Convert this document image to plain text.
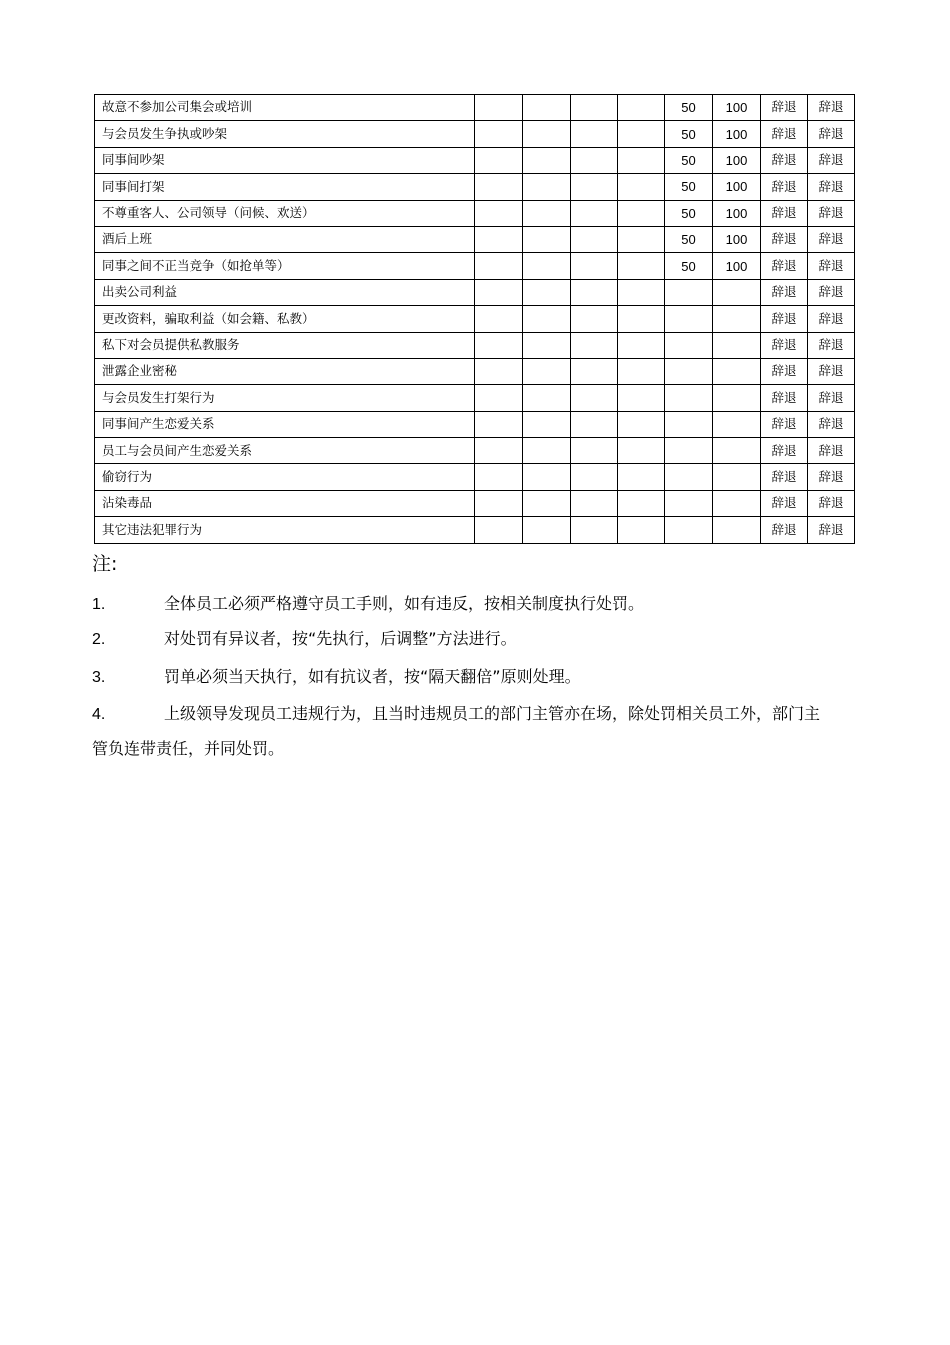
故意不参加公司集会或培训					50	100	辞退	辞退
与会员发生争执或吵架					50	100	辞退	辞退
同事间吵架					50	100	辞退	辞退
同事间打架					50	100	辞退	辞退
不尊重客人、公司领导（问候、欢送）					50	100	辞退	辞退
酒后上班					50	100	辞退	辞退
同事之间不正当竞争（如抢单等）					50	100	辞退	辞退
出卖公司利益							辞退	辞退
更改资料，骗取利益（如会籍、私教）							辞退	辞退
私下对会员提供私教服务							辞退	辞退
泄露企业密秘							辞退	辞退
与会员发生打架行为							辞退	辞退
同事间产生恋爱关系							辞退	辞退
员工与会员间产生恋爱关系							辞退	辞退
偷窃行为							辞退	辞退
沾染毒品							辞退	辞退
其它违法犯罪行为							辞退	辞退
注:
1.	全体员工必须严格遵守员工手则，如有违反，按相关制度执行处罚。
2.	对处罚有异议者，按“先执行，后调整”方法进行。
3.	罚单必须当天执行，如有抗议者，按“隔天翻倍”原则处理。
4.	上级领导发现员工违规行为，且当时违规员工的部门主管亦在场，除处罚相关员工外，部门主管负连带责任，并同处罚。
